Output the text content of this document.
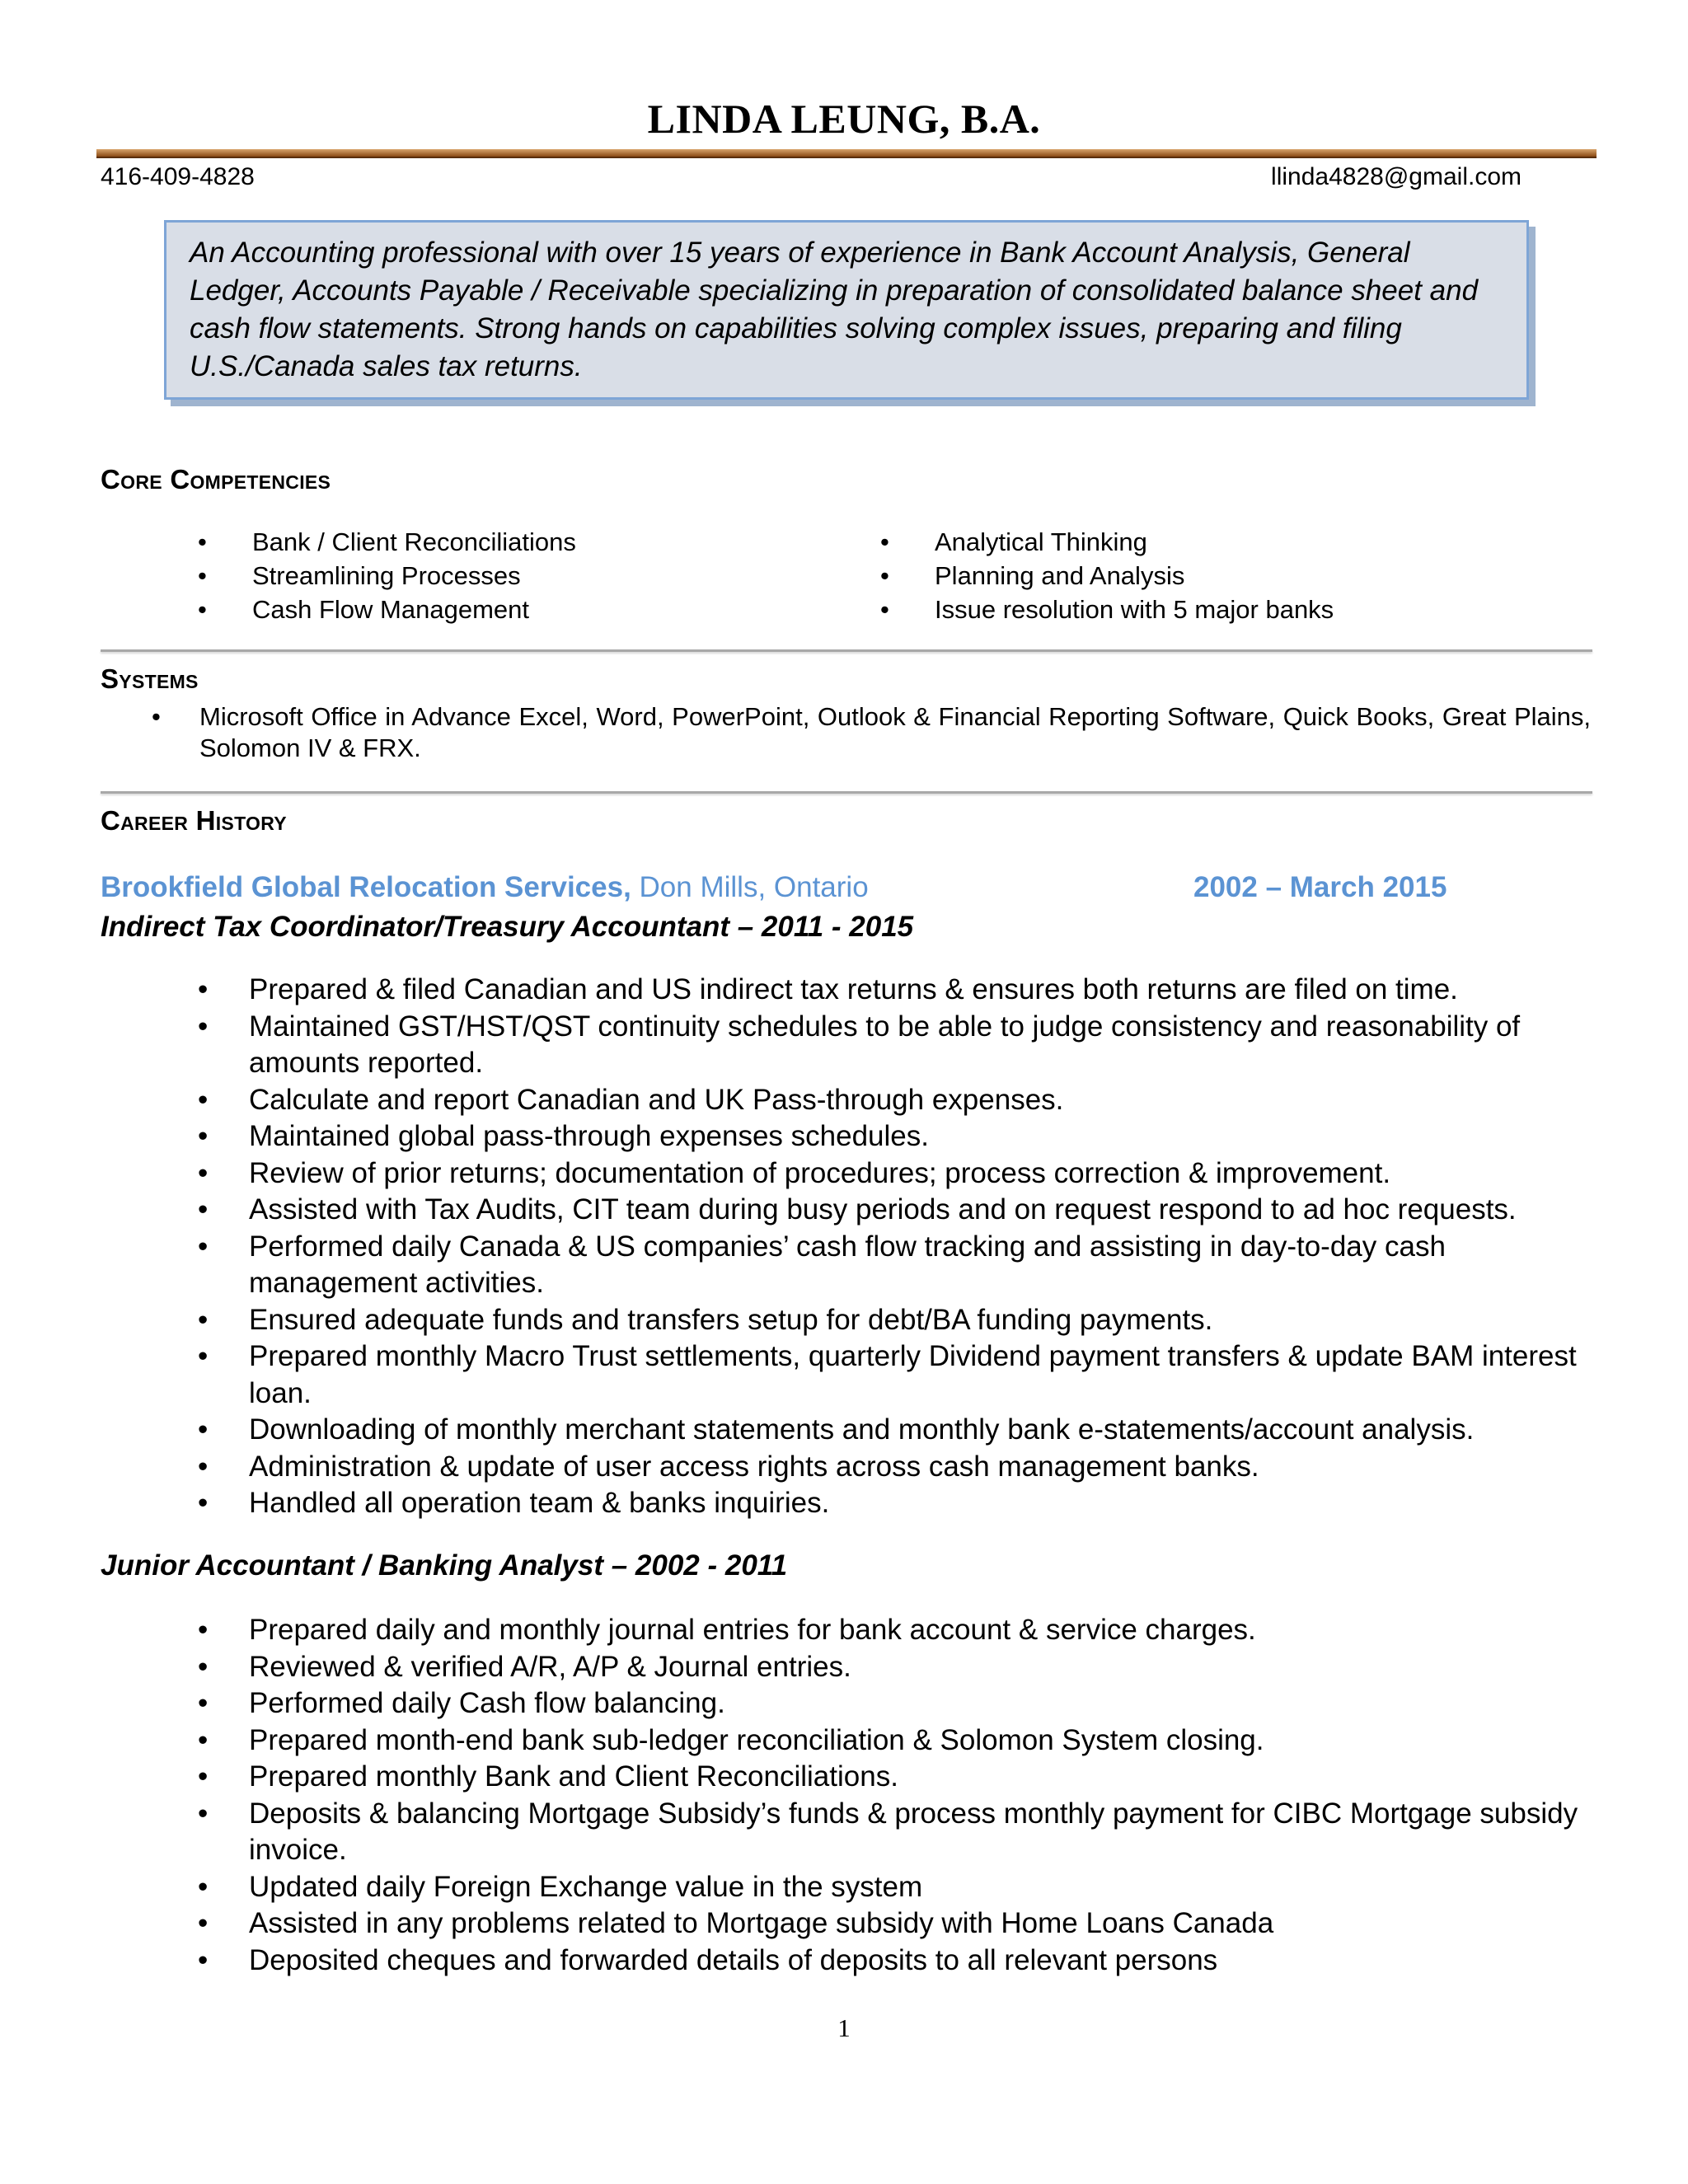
LINDA LEUNG, B.A.
416-409-4828	llinda4828@gmail.com
An Accounting professional with over 15 years of experience in Bank Account Analysis, General Ledger, Accounts Payable / Receivable specializing in preparation of consolidated balance sheet and cash flow statements. Strong hands on capabilities solving complex issues, preparing and filing U.S./Canada sales tax returns.
Core Competencies
• Bank / Client Reconciliations
• Streamlining Processes
• Cash Flow Management
• Analytical Thinking
• Planning and Analysis
• Issue resolution with 5 major banks
Systems
• Microsoft Office in Advance Excel, Word, PowerPoint, Outlook & Financial Reporting Software, Quick Books, Great Plains, Solomon IV & FRX.
Career History
Brookfield Global Relocation Services, Don Mills, Ontario	2002 – March 2015
Indirect Tax Coordinator/Treasury Accountant – 2011 - 2015
• Prepared & filed Canadian and US indirect tax returns & ensures both returns are filed on time.
• Maintained GST/HST/QST continuity schedules to be able to judge consistency and reasonability of amounts reported.
• Calculate and report Canadian and UK Pass-through expenses.
• Maintained global pass-through expenses schedules.
• Review of prior returns; documentation of procedures; process correction & improvement.
• Assisted with Tax Audits, CIT team during busy periods and on request respond to ad hoc requests.
• Performed daily Canada & US companies’ cash flow tracking and assisting in day-to-day cash management activities.
• Ensured adequate funds and transfers setup for debt/BA funding payments.
• Prepared monthly Macro Trust settlements, quarterly Dividend payment transfers & update BAM interest loan.
• Downloading of monthly merchant statements and monthly bank e-statements/account analysis.
• Administration & update of user access rights across cash management banks.
• Handled all operation team & banks inquiries.
Junior Accountant / Banking Analyst – 2002 - 2011
• Prepared daily and monthly journal entries for bank account & service charges.
• Reviewed & verified A/R, A/P & Journal entries.
• Performed daily Cash flow balancing.
• Prepared month-end bank sub-ledger reconciliation & Solomon System closing.
• Prepared monthly Bank and Client Reconciliations.
• Deposits & balancing Mortgage Subsidy’s funds & process monthly payment for CIBC Mortgage subsidy invoice.
• Updated daily Foreign Exchange value in the system
• Assisted in any problems related to Mortgage subsidy with Home Loans Canada
• Deposited cheques and forwarded details of deposits to all relevant persons
1
